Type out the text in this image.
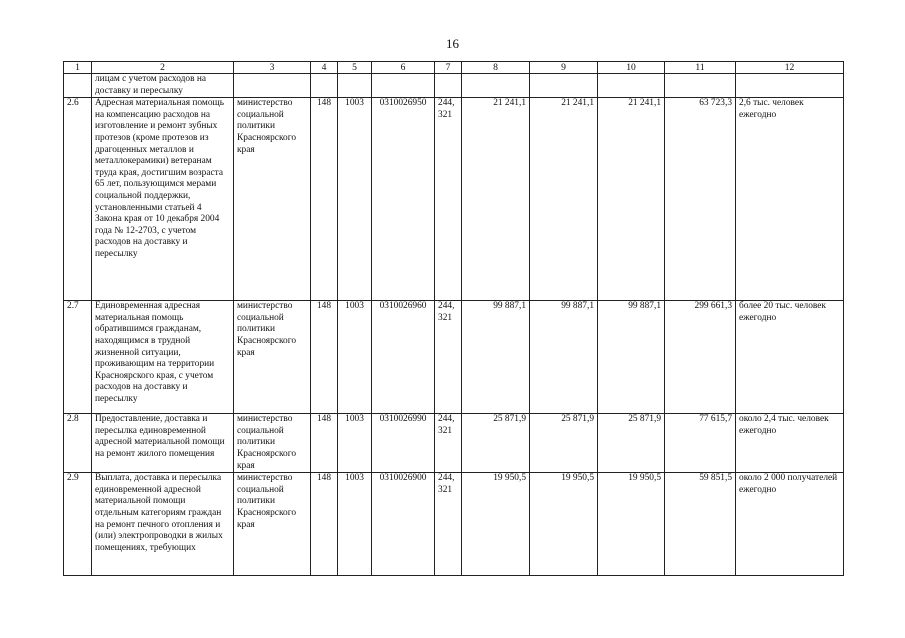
16
1	2	3	4	5	6	7	8	9	10	11	12
	лицам с учетом расходов на доставку и пересылку										
2.6	Адресная материальная помощь на компенсацию расходов на изготовление и ремонт зубных протезов (кроме протезов из драгоценных металлов и металлокерамики) ветеранам труда края, достигшим возраста 65 лет, пользующимся мерами социальной поддержки, установленными статьей 4 Закона края от 10 декабря 2004 года № 12-2703, с учетом расходов на доставку и пересылку	министерство социальной политики Красноярского края	148	1003	0310026950	244, 321	21 241,1	21 241,1	21 241,1	63 723,3	2,6 тыс. человек ежегодно
2.7	Единовременная адресная материальная помощь обратившимся гражданам, находящимся в трудной жизненной ситуации, проживающим на территории Красноярского края, с учетом расходов на доставку и пересылку	министерство социальной политики Красноярского края	148	1003	0310026960	244, 321	99 887,1	99 887,1	99 887,1	299 661,3	более 20 тыс. человек ежегодно
2.8	Предоставление, доставка и пересылка единовременной адресной материальной помощи на ремонт жилого помещения	министерство социальной политики Красноярского края	148	1003	0310026990	244, 321	25 871,9	25 871,9	25 871,9	77 615,7	около 2,4 тыс. человек ежегодно
2.9	Выплата, доставка и пересылка единовременной адресной материальной помощи отдельным категориям граждан на ремонт печного отопления и (или) электропроводки в жилых помещениях, требующих	министерство социальной политики Красноярского края	148	1003	0310026900	244, 321	19 950,5	19 950,5	19 950,5	59 851,5	около 2 000 получателей ежегодно
